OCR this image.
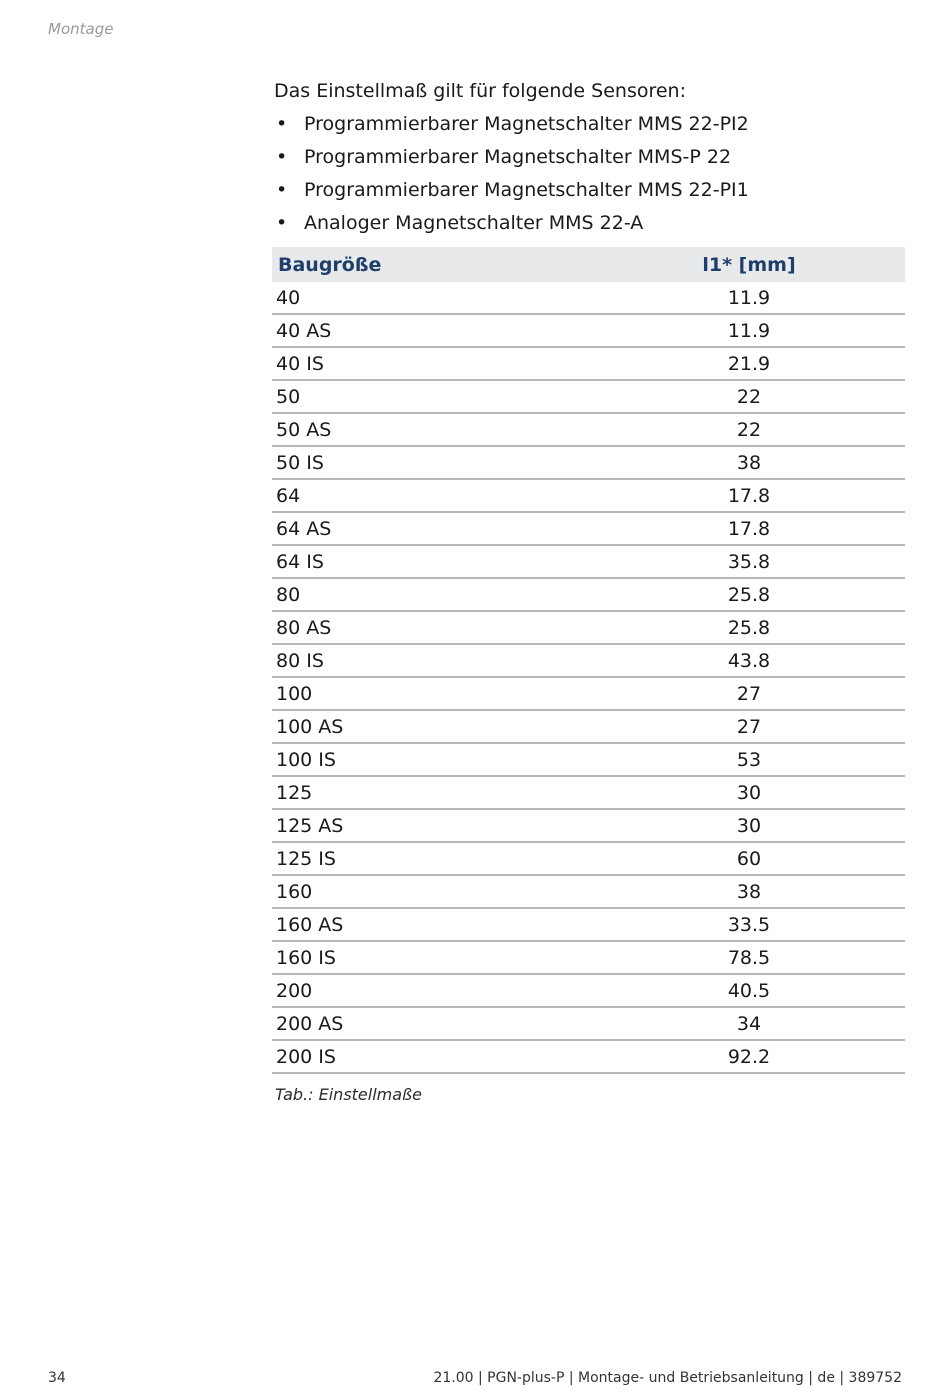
Montage

Das Einstellmaß gilt für folgende Sensoren:

• Programmierbarer Magnetschalter MMS 22-PI2
• Programmierbarer Magnetschalter MMS-P 22
• Programmierbarer Magnetschalter MMS 22-PI1
• Analoger Magnetschalter MMS 22-A
Baugröße	l1* [mm]
40	11.9
40 AS	11.9
40 IS	21.9
50	22
50 AS	22
50 IS	38
64	17.8
64 AS	17.8
64 IS	35.8
80	25.8
80 AS	25.8
80 IS	43.8
100	27
100 AS	27
100 IS	53
125	30
125 AS	30
125 IS	60
160	38
160 AS	33.5
160 IS	78.5
200	40.5
200 AS	34
200 IS	92.2
Tab.: Einstellmaße
34	21.00 | PGN-plus-P | Montage- und Betriebsanleitung | de | 389752
